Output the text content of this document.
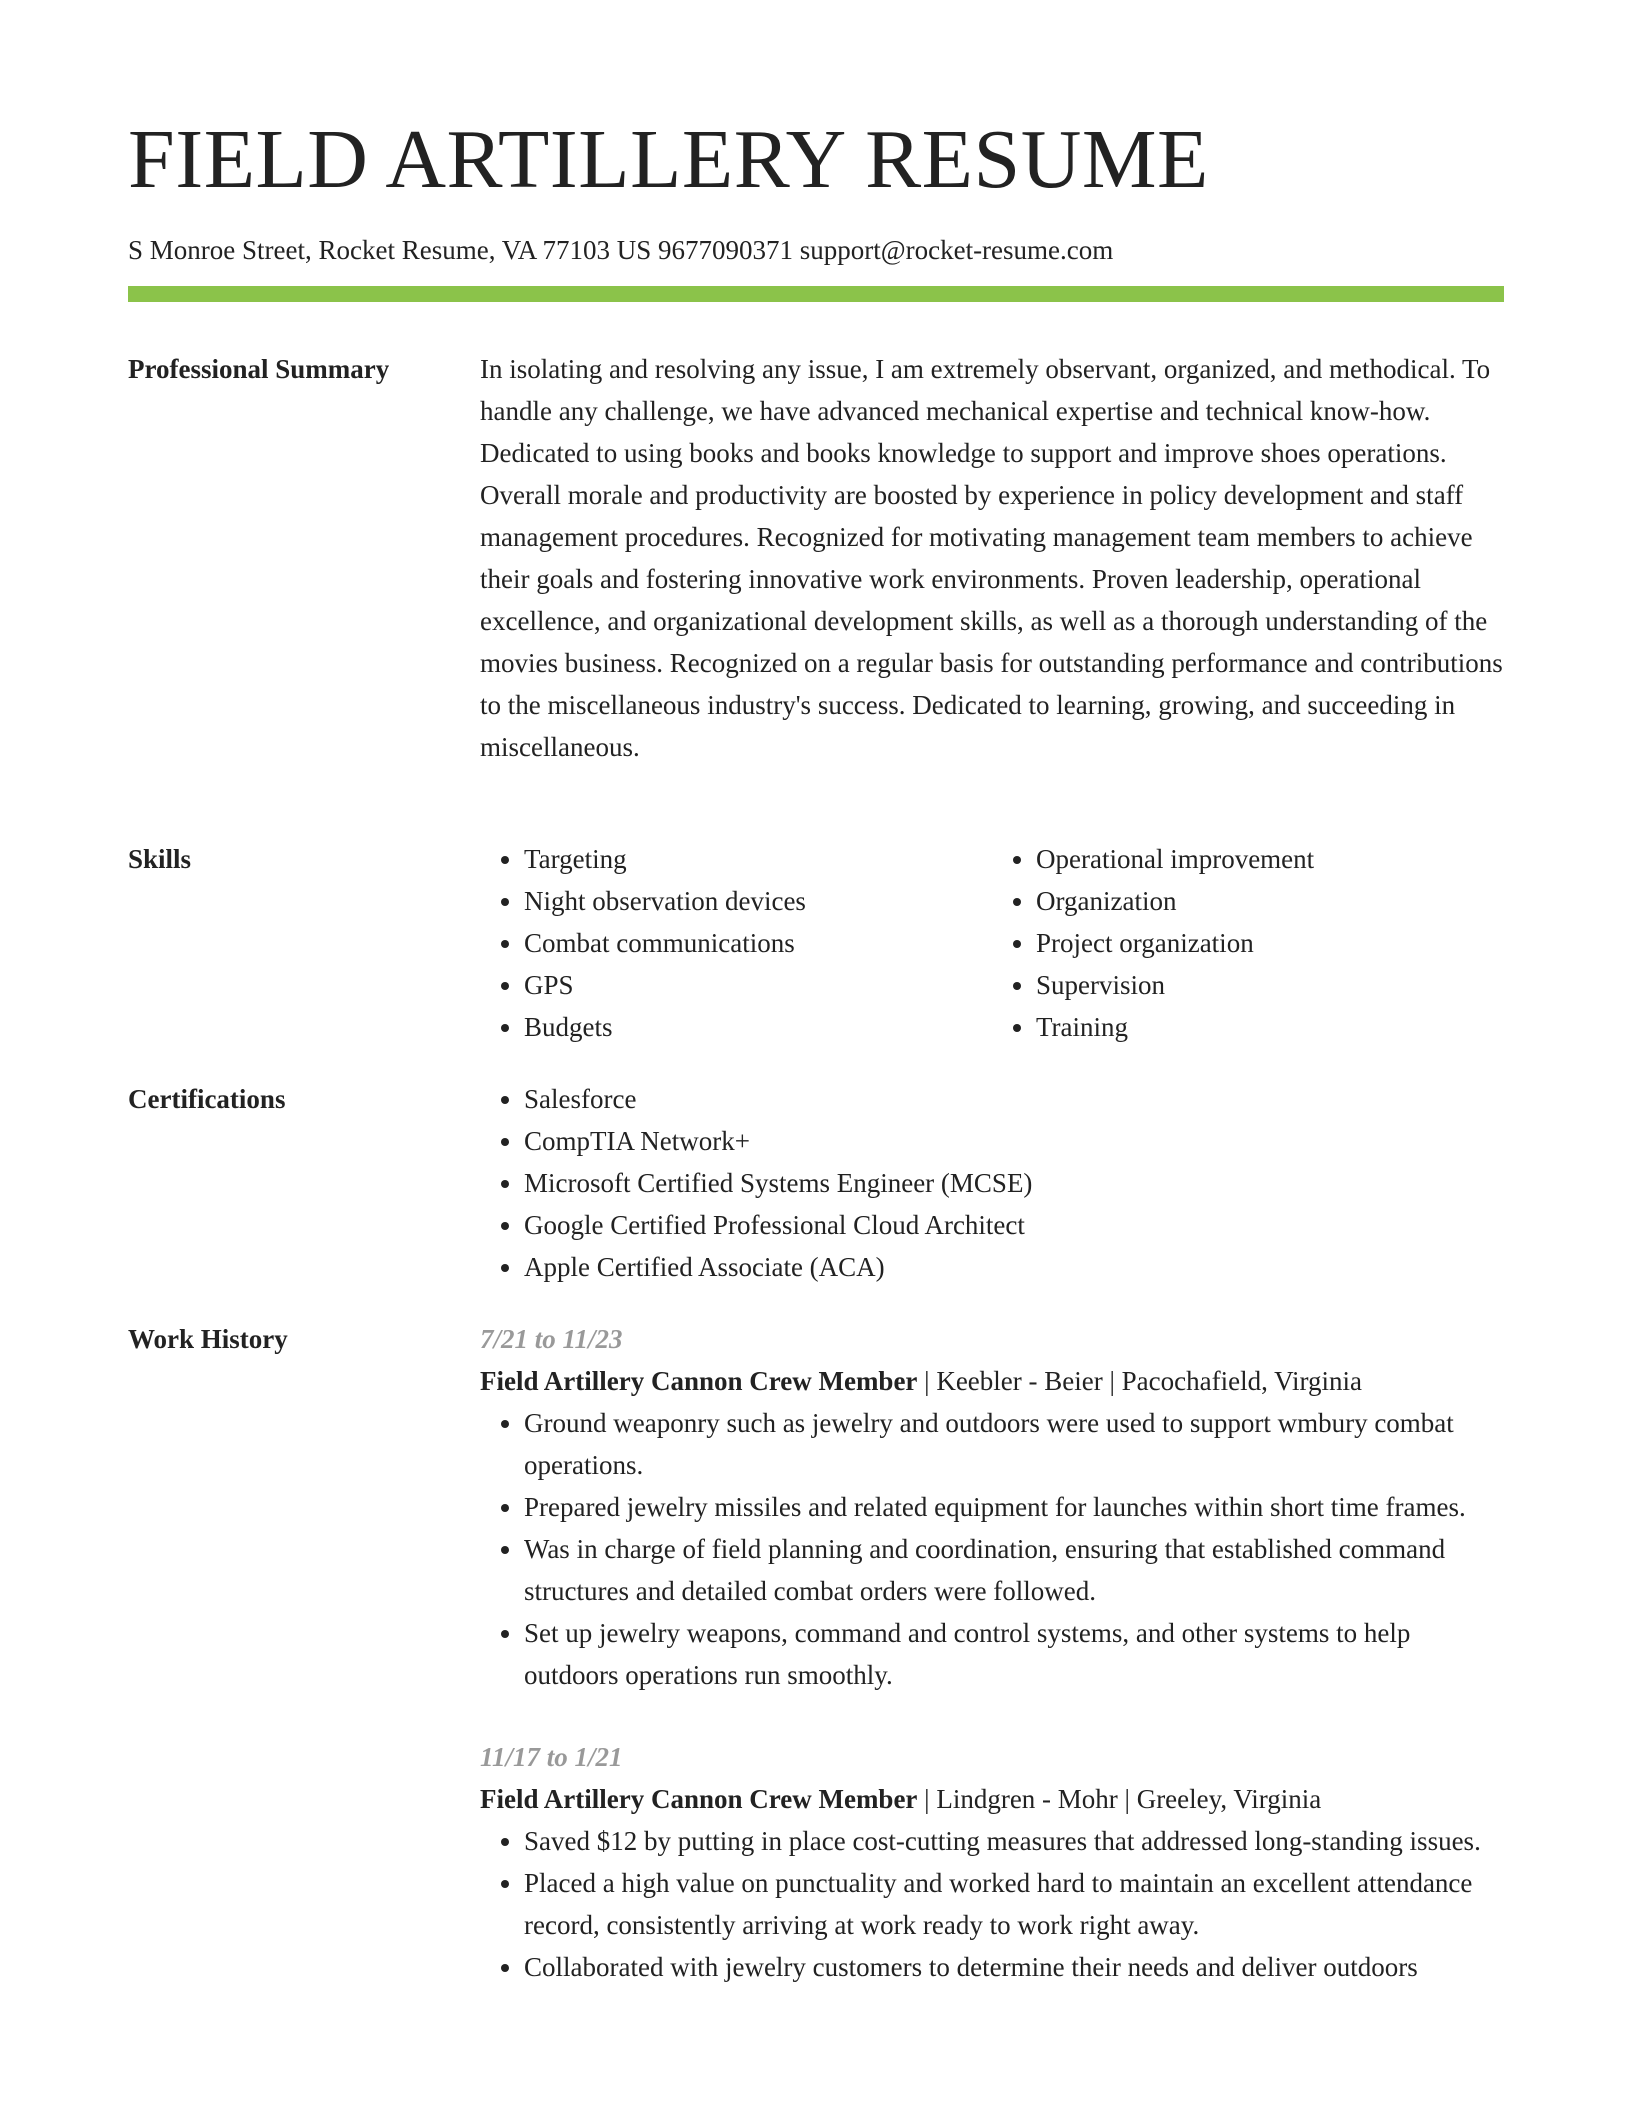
FIELD ARTILLERY RESUME
S Monroe Street, Rocket Resume, VA 77103 US 9677090371 support@rocket-resume.com
Professional Summary	In isolating and resolving any issue, I am extremely observant, organized, and methodical. To handle any challenge, we have advanced mechanical expertise and technical know-how. Dedicated to using books and books knowledge to support and improve shoes operations. Overall morale and productivity are boosted by experience in policy development and staff management procedures. Recognized for motivating management team members to achieve their goals and fostering innovative work environments. Proven leadership, operational excellence, and organizational development skills, as well as a thorough understanding of the movies business. Recognized on a regular basis for outstanding performance and contributions to the miscellaneous industry's success. Dedicated to learning, growing, and succeeding in miscellaneous.

Skills	• Targeting
• Night observation devices
• Combat communications
• GPS
• Budgets
• Operational improvement
• Organization
• Project organization
• Supervision
• Training
Certifications	• Salesforce
• CompTIA Network+
• Microsoft Certified Systems Engineer (MCSE)
• Google Certified Professional Cloud Architect
• Apple Certified Associate (ACA)
Work History	7/21 to 11/23
Field Artillery Cannon Crew Member | Keebler - Beier | Pacochafield, Virginia
• Ground weaponry such as jewelry and outdoors were used to support wmbury combat operations.
• Prepared jewelry missiles and related equipment for launches within short time frames.
• Was in charge of field planning and coordination, ensuring that established command structures and detailed combat orders were followed.
• Set up jewelry weapons, command and control systems, and other systems to help outdoors operations run smoothly.
11/17 to 1/21
Field Artillery Cannon Crew Member | Lindgren - Mohr | Greeley, Virginia
• Saved $12 by putting in place cost-cutting measures that addressed long-standing issues.
• Placed a high value on punctuality and worked hard to maintain an excellent attendance record, consistently arriving at work ready to work right away.
• Collaborated with jewelry customers to determine their needs and deliver outdoors
